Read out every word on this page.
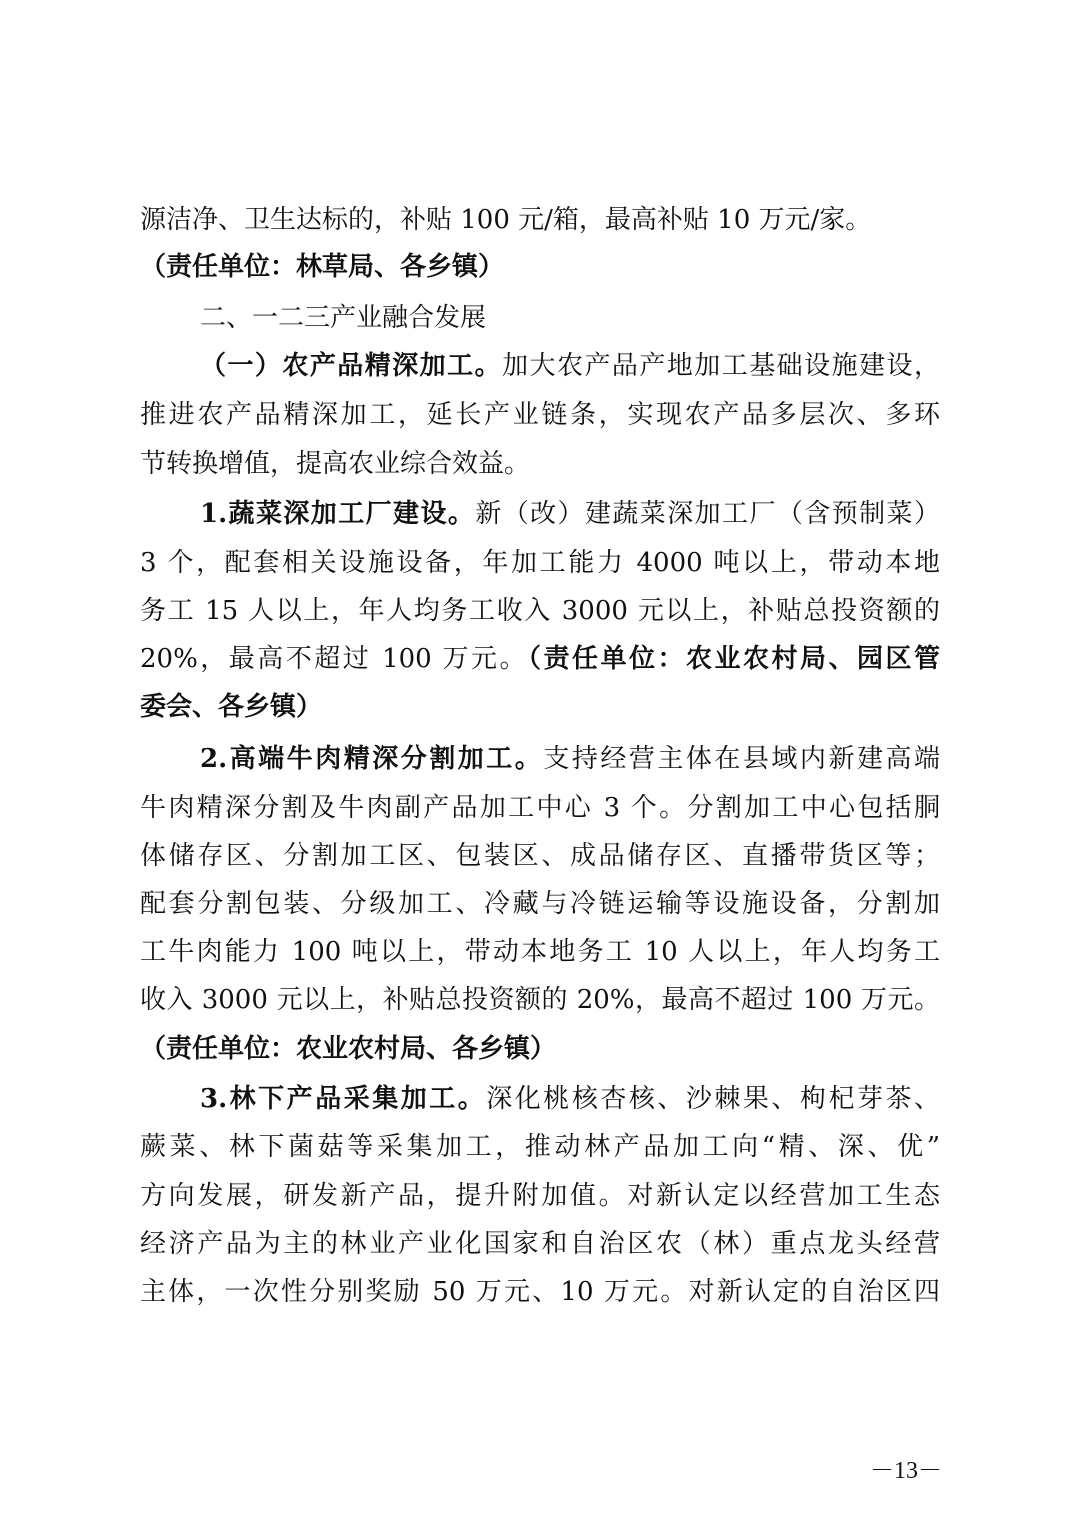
源洁净、卫生达标的，补贴 100 元/箱，最高补贴 10 万元/家。
（责任单位：林草局、各乡镇）
二、一二三产业融合发展
（一）农产品精深加工。加大农产品产地加工基础设施建设，
推进农产品精深加工，延长产业链条，实现农产品多层次、多环
节转换增值，提高农业综合效益。
1.蔬菜深加工厂建设。新（改）建蔬菜深加工厂（含预制菜）
3 个，配套相关设施设备，年加工能力 4000 吨以上，带动本地
务工 15 人以上，年人均务工收入 3000 元以上，补贴总投资额的
20%，最高不超过 100 万元。（责任单位：农业农村局、园区管
委会、各乡镇）
2.高端牛肉精深分割加工。支持经营主体在县域内新建高端
牛肉精深分割及牛肉副产品加工中心 3 个。分割加工中心包括胴
体储存区、分割加工区、包装区、成品储存区、直播带货区等；
配套分割包装、分级加工、冷藏与冷链运输等设施设备，分割加
工牛肉能力 100 吨以上，带动本地务工 10 人以上，年人均务工
收入 3000 元以上，补贴总投资额的 20%，最高不超过 100 万元。
（责任单位：农业农村局、各乡镇）
3.林下产品采集加工。深化桃核杏核、沙棘果、枸杞芽茶、
蕨菜、林下菌菇等采集加工，推动林产品加工向“精、深、优”
方向发展，研发新产品，提升附加值。对新认定以经营加工生态
经济产品为主的林业产业化国家和自治区农（林）重点龙头经营
主体，一次性分别奖励 50 万元、10 万元。对新认定的自治区四
－13－
